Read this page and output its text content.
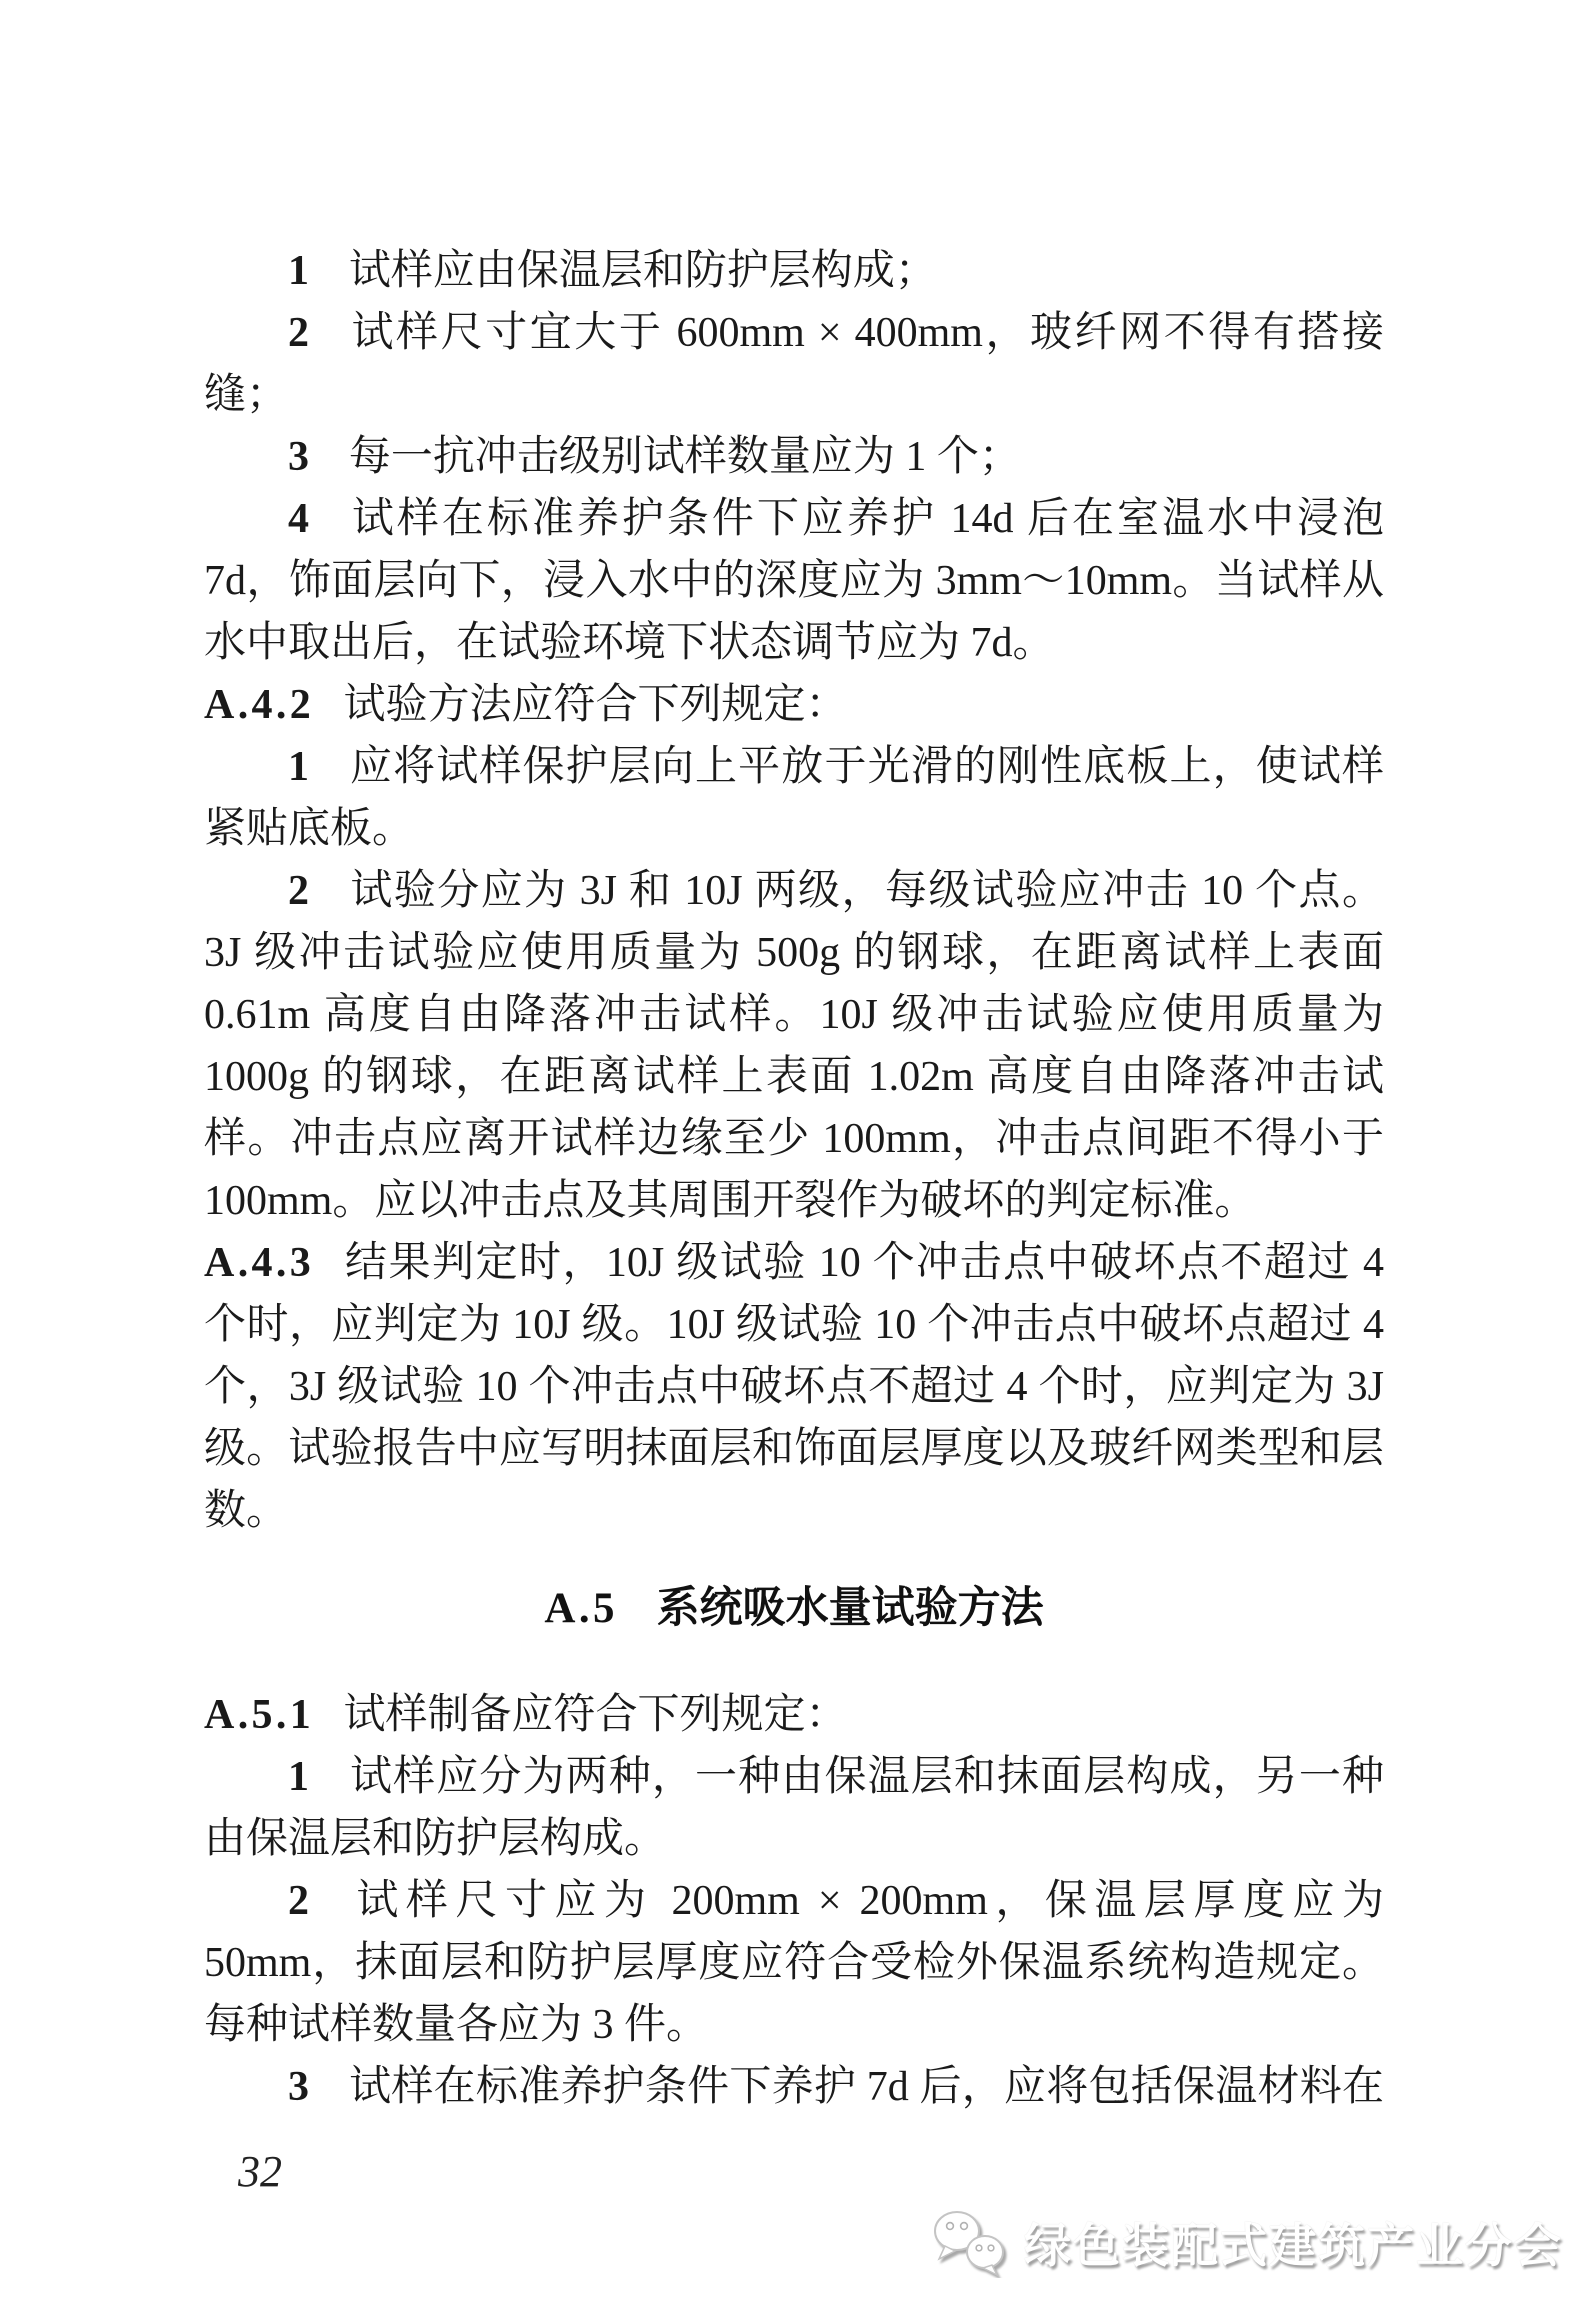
1 试样应由保温层和防护层构成；

2 试样尺寸宜大于 600mm × 400mm，玻纤网不得有搭接缝；

3 每一抗冲击级别试样数量应为 1 个；

4 试样在标准养护条件下应养护 14d 后在室温水中浸泡 7d，饰面层向下，浸入水中的深度应为 3mm～10mm。当试样从水中取出后，在试验环境下状态调节应为 7d。

A.4.2 试验方法应符合下列规定：

1 应将试样保护层向上平放于光滑的刚性底板上，使试样紧贴底板。

2 试验分应为 3J 和 10J 两级，每级试验应冲击 10 个点。3J 级冲击试验应使用质量为 500g 的钢球，在距离试样上表面 0.61m 高度自由降落冲击试样。10J 级冲击试验应使用质量为 1000g 的钢球，在距离试样上表面 1.02m 高度自由降落冲击试样。冲击点应离开试样边缘至少 100mm，冲击点间距不得小于 100mm。应以冲击点及其周围开裂作为破坏的判定标准。

A.4.3 结果判定时，10J 级试验 10 个冲击点中破坏点不超过 4 个时，应判定为 10J 级。10J 级试验 10 个冲击点中破坏点超过 4 个，3J 级试验 10 个冲击点中破坏点不超过 4 个时，应判定为 3J 级。试验报告中应写明抹面层和饰面层厚度以及玻纤网类型和层数。

A.5 系统吸水量试验方法

A.5.1 试样制备应符合下列规定：

1 试样应分为两种，一种由保温层和抹面层构成，另一种由保温层和防护层构成。

2 试样尺寸应为 200mm × 200mm，保温层厚度应为 50mm，抹面层和防护层厚度应符合受检外保温系统构造规定。每种试样数量各应为 3 件。

3 试样在标准养护条件下养护 7d 后，应将包括保温材料在

32
绿色装配式建筑产业分会
